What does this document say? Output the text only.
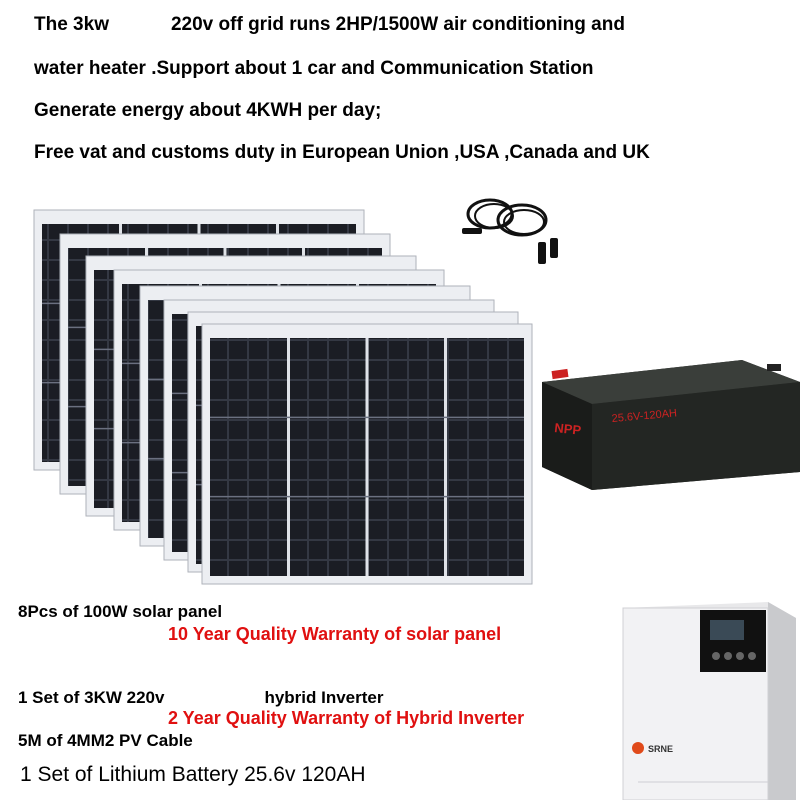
The 3kw	220v off grid runs 2HP/1500W air conditioning and
water heater .Support about 1 car and Communication Station
Generate energy about 4KWH per day;
Free vat and customs duty in European Union ,USA ,Canada and UK
NPP
25.6V-120AH
SRNE
8Pcs of 100W solar panel
10 Year Quality Warranty of solar panel
1 Set of 3KW 220v	hybrid Inverter
2 Year Quality Warranty of Hybrid Inverter
5M of 4MM2 PV Cable
1 Set of Lithium Battery 25.6v 120AH
